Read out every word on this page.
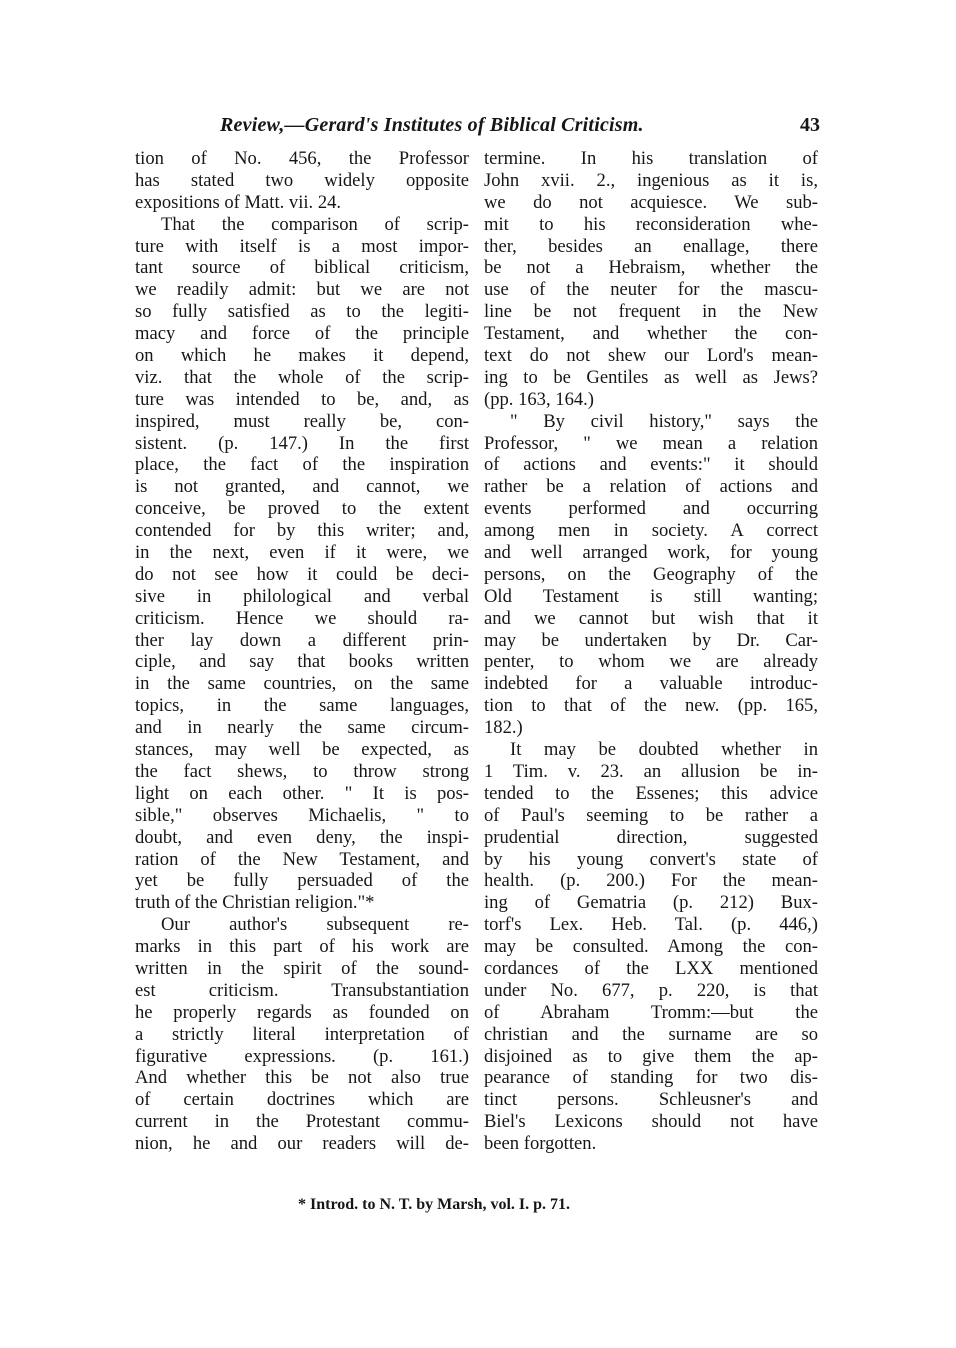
Review,—Gerard's Institutes of Biblical Criticism.	43
tion of No. 456, the Professor
has stated two widely opposite
expositions of Matt. vii. 24.
That the comparison of scrip-
ture with itself is a most impor-
tant source of biblical criticism,
we readily admit: but we are not
so fully satisfied as to the legiti-
macy and force of the principle
on which he makes it depend,
viz. that the whole of the scrip-
ture was intended to be, and, as
inspired, must really be, con-
sistent. (p. 147.) In the first
place, the fact of the inspiration
is not granted, and cannot, we
conceive, be proved to the extent
contended for by this writer; and,
in the next, even if it were, we
do not see how it could be deci-
sive in philological and verbal
criticism. Hence we should ra-
ther lay down a different prin-
ciple, and say that books written
in the same countries, on the same
topics, in the same languages,
and in nearly the same circum-
stances, may well be expected, as
the fact shews, to throw strong
light on each other. " It is pos-
sible," observes Michaelis, " to
doubt, and even deny, the inspi-
ration of the New Testament, and
yet be fully persuaded of the
truth of the Christian religion."*
Our author's subsequent re-
marks in this part of his work are
written in the spirit of the sound-
est criticism. Transubstantiation
he properly regards as founded on
a strictly literal interpretation of
figurative expressions. (p. 161.)
And whether this be not also true
of certain doctrines which are
current in the Protestant commu-
nion, he and our readers will de-
termine. In his translation of
John xvii. 2., ingenious as it is,
we do not acquiesce. We sub-
mit to his reconsideration whe-
ther, besides an enallage, there
be not a Hebraism, whether the
use of the neuter for the mascu-
line be not frequent in the New
Testament, and whether the con-
text do not shew our Lord's mean-
ing to be Gentiles as well as Jews?
(pp. 163, 164.)
" By civil history," says the
Professor, " we mean a relation
of actions and events:" it should
rather be a relation of actions and
events performed and occurring
among men in society. A correct
and well arranged work, for young
persons, on the Geography of the
Old Testament is still wanting;
and we cannot but wish that it
may be undertaken by Dr. Car-
penter, to whom we are already
indebted for a valuable introduc-
tion to that of the new. (pp. 165,
182.)
It may be doubted whether in
1 Tim. v. 23. an allusion be in-
tended to the Essenes; this advice
of Paul's seeming to be rather a
prudential direction, suggested
by his young convert's state of
health. (p. 200.) For the mean-
ing of Gematria (p. 212) Bux-
torf's Lex. Heb. Tal. (p. 446,)
may be consulted. Among the con-
cordances of the LXX mentioned
under No. 677, p. 220, is that
of Abraham Tromm:—but the
christian and the surname are so
disjoined as to give them the ap-
pearance of standing for two dis-
tinct persons. Schleusner's and
Biel's Lexicons should not have
been forgotten.
* Introd. to N. T. by Marsh, vol. I. p. 71.
